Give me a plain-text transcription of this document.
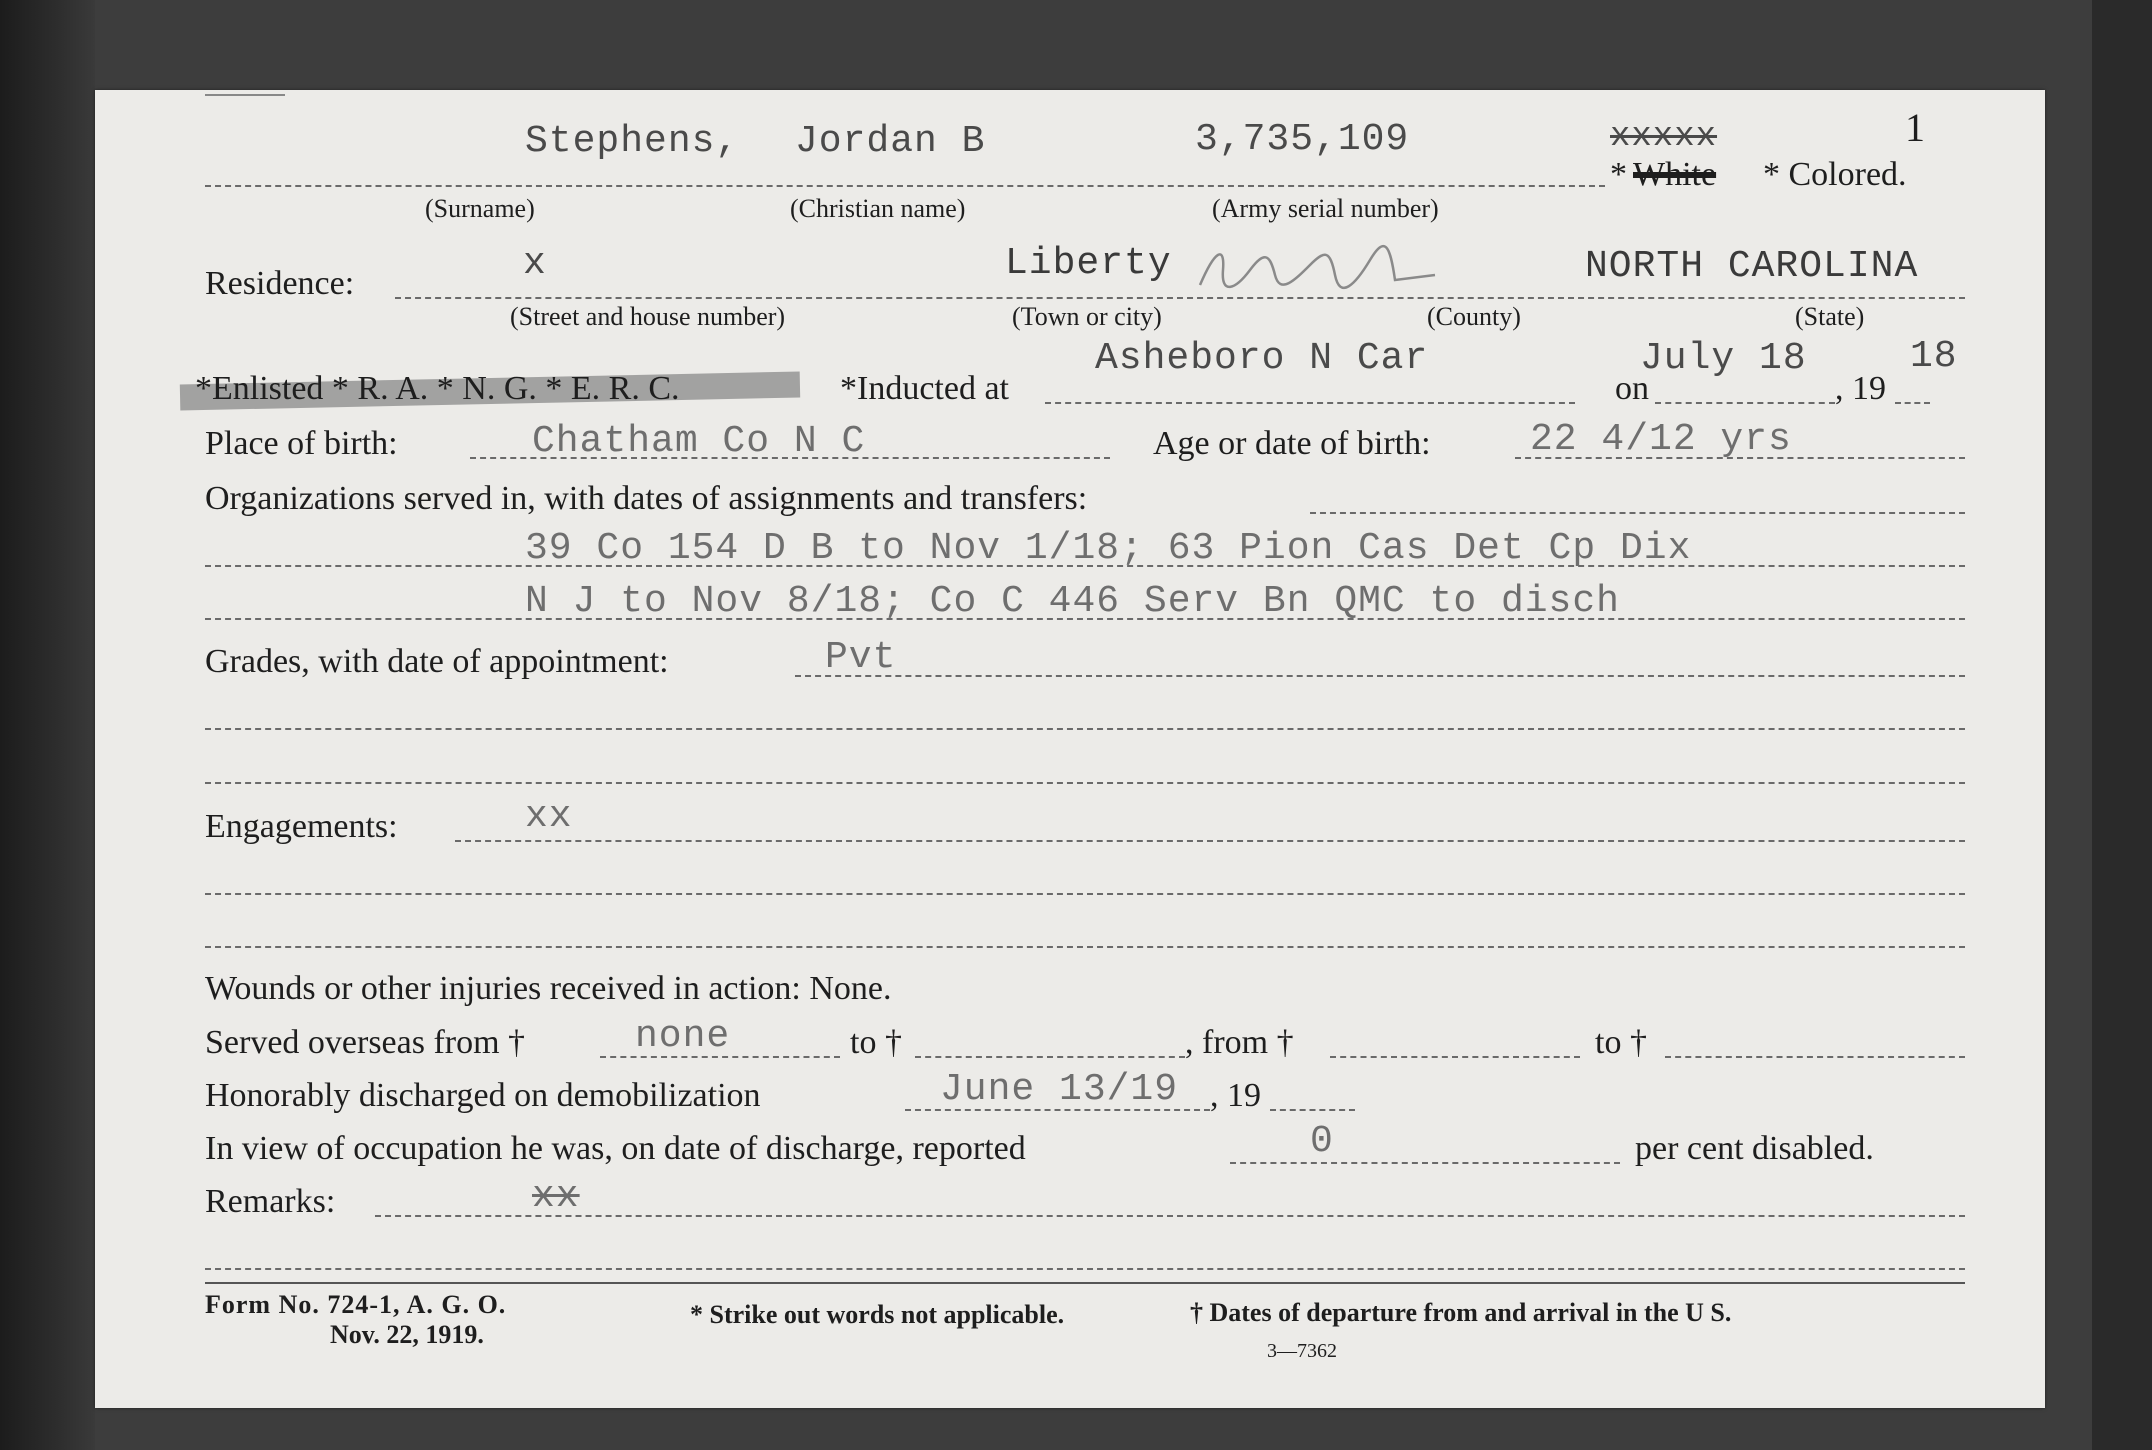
Stephens, Jordan B	3,735,109	xxxxx	1
* White * Colored.
(Surname)	(Christian name)	(Army serial number)
Residence:	x	Liberty	NORTH CAROLINA
(Street and house number)	(Town or city)	(County)	(State)
*Enlisted * R. A. * N. G. * E. R. C.	*Inducted at
Asheboro N Car
on
July 18
, 19
18
Place of birth:	Chatham Co N C	Age or date of birth:	22 4/12 yrs
Organizations served in, with dates of assignments and transfers:
39 Co 154 D B to Nov 1/18; 63 Pion Cas Det Cp Dix
N J to Nov 8/18; Co C 446 Serv Bn QMC to disch
Grades, with date of appointment:	Pvt
Engagements:	xx
Wounds or other injuries received in action: None.
Served overseas from †	none	to †	, from †	to †
Honorably discharged on demobilization	June 13/19 , 19
In view of occupation he was, on date of discharge, reported	0	per cent disabled.
Remarks:	xx
Form No. 724-1, A. G. O.
Nov. 22, 1919.
* Strike out words not applicable.	† Dates of departure from and arrival in the U S.
3—7362
